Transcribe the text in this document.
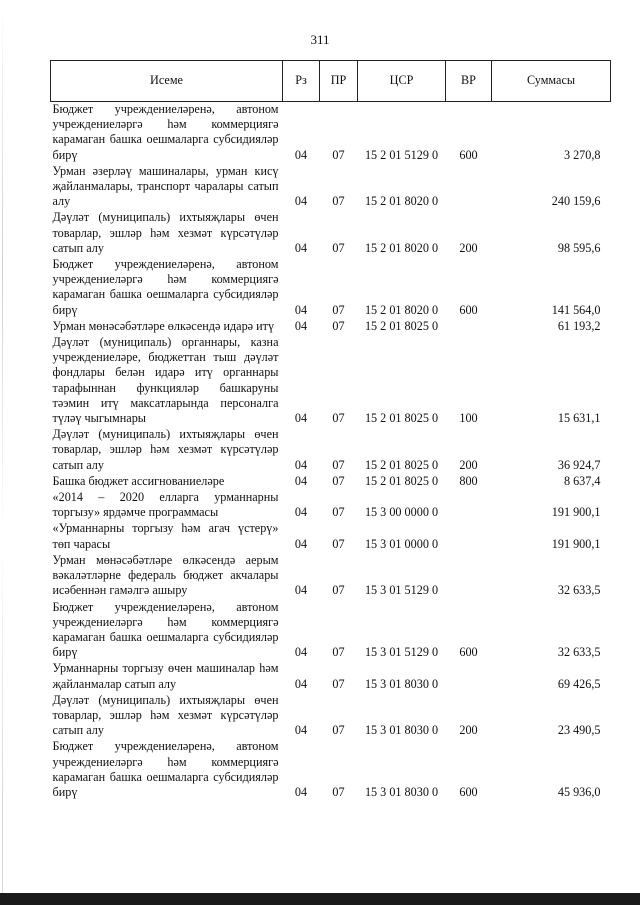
311
Исеме	Рз	ПР	ЦСР	ВР	Суммасы
Бюджет учреждениеләренә, автоном учреждениеләргә һәм коммерциягә карамаган башка оешмаларга субсидияләр бирү	04	07	15 2 01 5129 0	600	3 270,8
Урман әзерләү машиналары, урман кисү җайланмалары, транспорт чаралары сатып алу	04	07	15 2 01 8020 0		240 159,6
Дәүләт (муниципаль) ихтыяҗлары өчен товарлар, эшләр һәм хезмәт күрсәтүләр сатып алу	04	07	15 2 01 8020 0	200	98 595,6
Бюджет учреждениеләренә, автоном учреждениеләргә һәм коммерциягә карамаган башка оешмаларга субсидияләр бирү	04	07	15 2 01 8020 0	600	141 564,0
Урман мөнәсәбәтләре өлкәсендә идарә итү	04	07	15 2 01 8025 0		61 193,2
Дәүләт (муниципаль) органнары, казна учреждениеләре, бюджеттан тыш дәүләт фондлары белән идарә итү органнары тарафыннан функцияләр башкаруны тәэмин итү максатларында персоналга түләү чыгымнары	04	07	15 2 01 8025 0	100	15 631,1
Дәүләт (муниципаль) ихтыяҗлары өчен товарлар, эшләр һәм хезмәт күрсәтүләр сатып алу	04	07	15 2 01 8025 0	200	36 924,7
Башка бюджет ассигнованиеләре	04	07	15 2 01 8025 0	800	8 637,4
«2014 – 2020 елларга урманнарны торгызу» ярдәмче программасы	04	07	15 3 00 0000 0		191 900,1
«Урманнарны торгызу һәм агач үстерү» төп чарасы	04	07	15 3 01 0000 0		191 900,1
Урман мөнәсәбәтләре өлкәсендә аерым вәкаләтләрне федераль бюджет акчалары исәбеннән гамәлгә ашыру	04	07	15 3 01 5129 0		32 633,5
Бюджет учреждениеләренә, автоном учреждениеләргә һәм коммерциягә карамаган башка оешмаларга субсидияләр бирү	04	07	15 3 01 5129 0	600	32 633,5
Урманнарны торгызу өчен машиналар һәм җайланмалар сатып алу	04	07	15 3 01 8030 0		69 426,5
Дәүләт (муниципаль) ихтыяҗлары өчен товарлар, эшләр һәм хезмәт күрсәтүләр сатып алу	04	07	15 3 01 8030 0	200	23 490,5
Бюджет учреждениеләренә, автоном учреждениеләргә һәм коммерциягә карамаган башка оешмаларга субсидияләр бирү	04	07	15 3 01 8030 0	600	45 936,0
